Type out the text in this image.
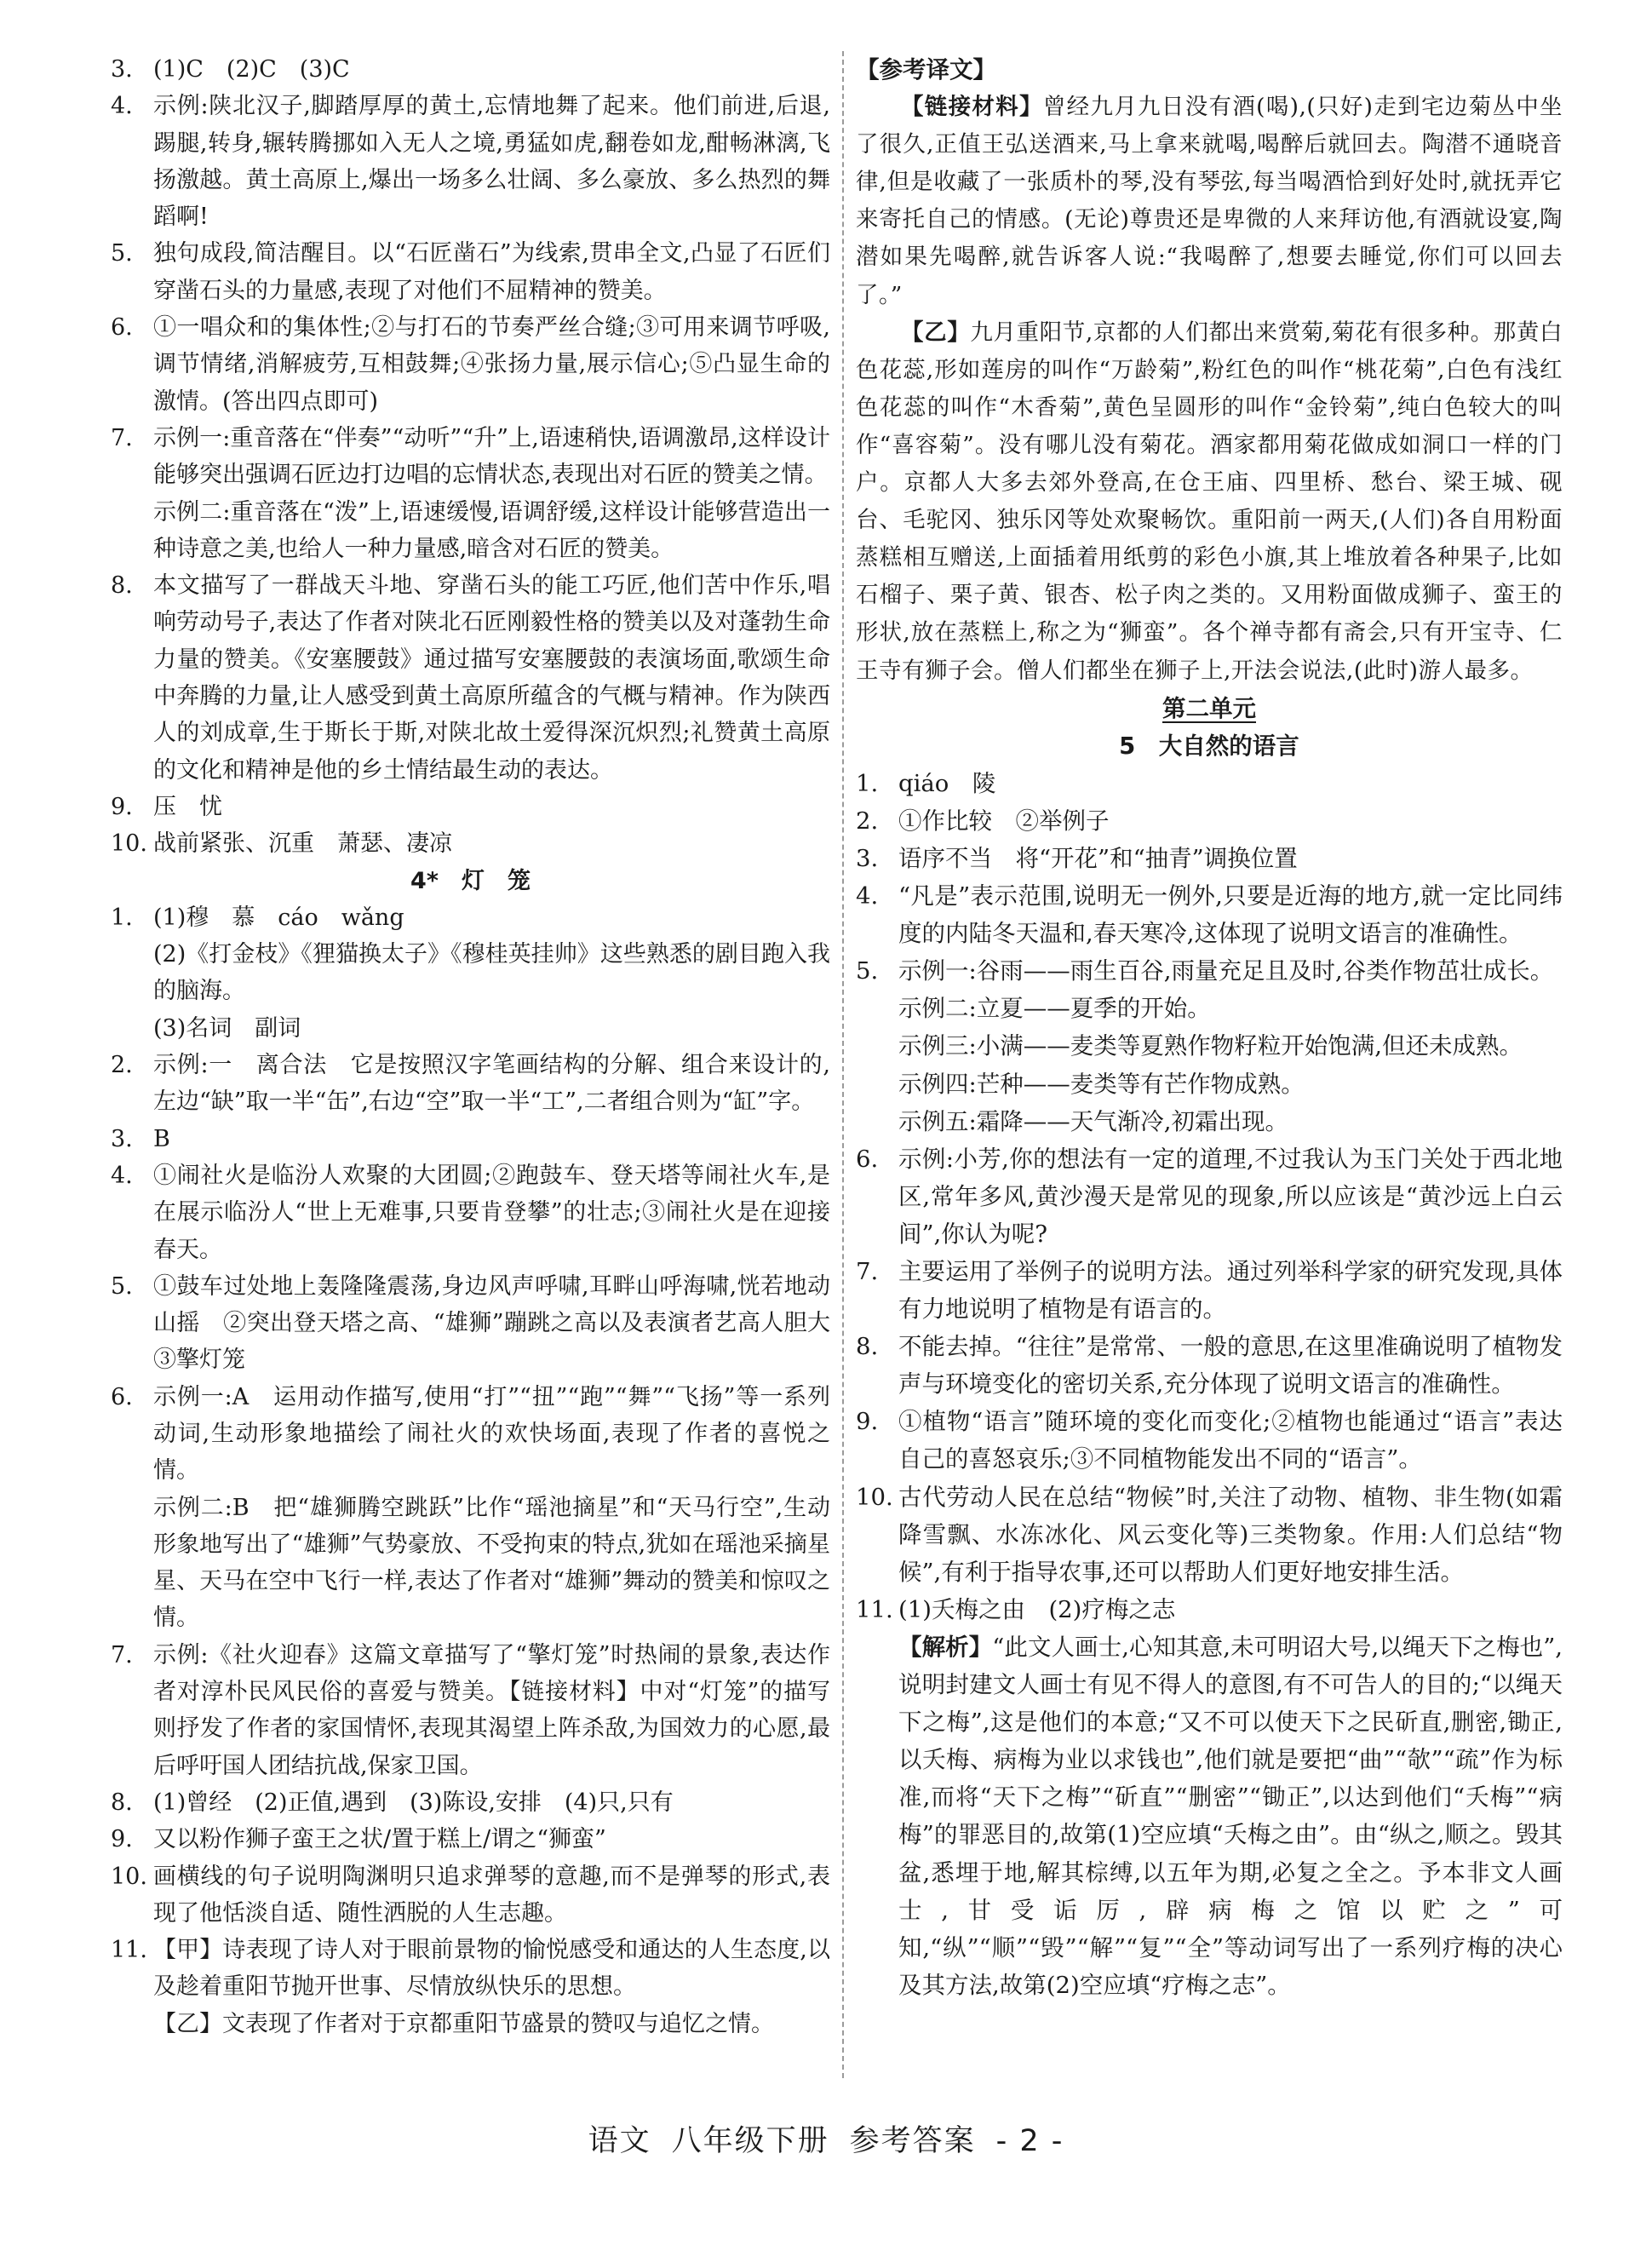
3. (1)C　(2)C　(3)C
4. 示例:陕北汉子,脚踏厚厚的黄土,忘情地舞了起来。他们前进,后退,踢腿,转身,辗转腾挪如入无人之境,勇猛如虎,翻卷如龙,酣畅淋漓,飞扬激越。黄土高原上,爆出一场多么壮阔、多么豪放、多么热烈的舞蹈啊!
5. 独句成段,简洁醒目。以“石匠凿石”为线索,贯串全文,凸显了石匠们穿凿石头的力量感,表现了对他们不屈精神的赞美。
6. ①一唱众和的集体性;②与打石的节奏严丝合缝;③可用来调节呼吸,调节情绪,消解疲劳,互相鼓舞;④张扬力量,展示信心;⑤凸显生命的激情。(答出四点即可)
7. 示例一:重音落在“伴奏”“动听”“升”上,语速稍快,语调激昂,这样设计能够突出强调石匠边打边唱的忘情状态,表现出对石匠的赞美之情。
示例二:重音落在“泼”上,语速缓慢,语调舒缓,这样设计能够营造出一种诗意之美,也给人一种力量感,暗含对石匠的赞美。
8. 本文描写了一群战天斗地、穿凿石头的能工巧匠,他们苦中作乐,唱响劳动号子,表达了作者对陕北石匠刚毅性格的赞美以及对蓬勃生命力量的赞美。《安塞腰鼓》通过描写安塞腰鼓的表演场面,歌颂生命中奔腾的力量,让人感受到黄土高原所蕴含的气概与精神。作为陕西人的刘成章,生于斯长于斯,对陕北故土爱得深沉炽烈;礼赞黄土高原的文化和精神是他的乡土情结最生动的表达。
9. 压　忧
10. 战前紧张、沉重　萧瑟、凄凉
4*　灯　笼
1. (1)穆　慕　cáo　wǎng
(2)《打金枝》《狸猫换太子》《穆桂英挂帅》这些熟悉的剧目跑入我的脑海。
(3)名词　副词
2. 示例:一　离合法　它是按照汉字笔画结构的分解、组合来设计的,左边“缺”取一半“缶”,右边“空”取一半“工”,二者组合则为“缸”字。
3. B
4. ①闹社火是临汾人欢聚的大团圆;②跑鼓车、登天塔等闹社火车,是在展示临汾人“世上无难事,只要肯登攀”的壮志;③闹社火是在迎接春天。
5. ①鼓车过处地上轰隆隆震荡,身边风声呼啸,耳畔山呼海啸,恍若地动山摇　②突出登天塔之高、“雄狮”蹦跳之高以及表演者艺高人胆大　③擎灯笼
6. 示例一:A　运用动作描写,使用“打”“扭”“跑”“舞”“飞扬”等一系列动词,生动形象地描绘了闹社火的欢快场面,表现了作者的喜悦之情。
示例二:B　把“雄狮腾空跳跃”比作“瑶池摘星”和“天马行空”,生动形象地写出了“雄狮”气势豪放、不受拘束的特点,犹如在瑶池采摘星星、天马在空中飞行一样,表达了作者对“雄狮”舞动的赞美和惊叹之情。
7. 示例:《社火迎春》这篇文章描写了“擎灯笼”时热闹的景象,表达作者对淳朴民风民俗的喜爱与赞美。【链接材料】中对“灯笼”的描写则抒发了作者的家国情怀,表现其渴望上阵杀敌,为国效力的心愿,最后呼吁国人团结抗战,保家卫国。
8. (1)曾经　(2)正值,遇到　(3)陈设,安排　(4)只,只有
9. 又以粉作狮子蛮王之状/置于糕上/谓之“狮蛮”
10. 画横线的句子说明陶渊明只追求弹琴的意趣,而不是弹琴的形式,表现了他恬淡自适、随性洒脱的人生志趣。
11. 【甲】诗表现了诗人对于眼前景物的愉悦感受和通达的人生态度,以及趁着重阳节抛开世事、尽情放纵快乐的思想。
【乙】文表现了作者对于京都重阳节盛景的赞叹与追忆之情。
【参考译文】
【链接材料】曾经九月九日没有酒(喝),(只好)走到宅边菊丛中坐了很久,正值王弘送酒来,马上拿来就喝,喝醉后就回去。陶潜不通晓音律,但是收藏了一张质朴的琴,没有琴弦,每当喝酒恰到好处时,就抚弄它来寄托自己的情感。(无论)尊贵还是卑微的人来拜访他,有酒就设宴,陶潜如果先喝醉,就告诉客人说:“我喝醉了,想要去睡觉,你们可以回去了。”
【乙】九月重阳节,京都的人们都出来赏菊,菊花有很多种。那黄白色花蕊,形如莲房的叫作“万龄菊”,粉红色的叫作“桃花菊”,白色有浅红色花蕊的叫作“木香菊”,黄色呈圆形的叫作“金铃菊”,纯白色较大的叫作“喜容菊”。没有哪儿没有菊花。酒家都用菊花做成如洞口一样的门户。京都人大多去郊外登高,在仓王庙、四里桥、愁台、梁王城、砚台、毛驼冈、独乐冈等处欢聚畅饮。重阳前一两天,(人们)各自用粉面蒸糕相互赠送,上面插着用纸剪的彩色小旗,其上堆放着各种果子,比如石榴子、栗子黄、银杏、松子肉之类的。又用粉面做成狮子、蛮王的形状,放在蒸糕上,称之为“狮蛮”。各个禅寺都有斋会,只有开宝寺、仁王寺有狮子会。僧人们都坐在狮子上,开法会说法,(此时)游人最多。
第二单元
5　大自然的语言
1. qiáo　陵
2. ①作比较　②举例子
3. 语序不当　将“开花”和“抽青”调换位置
4. “凡是”表示范围,说明无一例外,只要是近海的地方,就一定比同纬度的内陆冬天温和,春天寒冷,这体现了说明文语言的准确性。
5. 示例一:谷雨——雨生百谷,雨量充足且及时,谷类作物茁壮成长。
示例二:立夏——夏季的开始。
示例三:小满——麦类等夏熟作物籽粒开始饱满,但还未成熟。
示例四:芒种——麦类等有芒作物成熟。
示例五:霜降——天气渐冷,初霜出现。
6. 示例:小芳,你的想法有一定的道理,不过我认为玉门关处于西北地区,常年多风,黄沙漫天是常见的现象,所以应该是“黄沙远上白云间”,你认为呢?
7. 主要运用了举例子的说明方法。通过列举科学家的研究发现,具体有力地说明了植物是有语言的。
8. 不能去掉。“往往”是常常、一般的意思,在这里准确说明了植物发声与环境变化的密切关系,充分体现了说明文语言的准确性。
9. ①植物“语言”随环境的变化而变化;②植物也能通过“语言”表达自己的喜怒哀乐;③不同植物能发出不同的“语言”。
10. 古代劳动人民在总结“物候”时,关注了动物、植物、非生物(如霜降雪飘、水冻冰化、风云变化等)三类物象。作用:人们总结“物候”,有利于指导农事,还可以帮助人们更好地安排生活。
11. (1)夭梅之由　(2)疗梅之志
【解析】“此文人画士,心知其意,未可明诏大号,以绳天下之梅也”,说明封建文人画士有见不得人的意图,有不可告人的目的;“以绳天下之梅”,这是他们的本意;“又不可以使天下之民斫直,删密,锄正,以夭梅、病梅为业以求钱也”,他们就是要把“曲”“欹”“疏”作为标准,而将“天下之梅”“斫直”“删密”“锄正”,以达到他们“夭梅”“病梅”的罪恶目的,故第(1)空应填“夭梅之由”。由“纵之,顺之。毁其盆,悉埋于地,解其棕缚,以五年为期,必复之全之。予本非文人画士,甘受诟厉,辟病梅之馆以贮之”可知,“纵”“顺”“毁”“解”“复”“全”等动词写出了一系列疗梅的决心及其方法,故第(2)空应填“疗梅之志”。
语文 八年级下册 参考答案 - 2 -
